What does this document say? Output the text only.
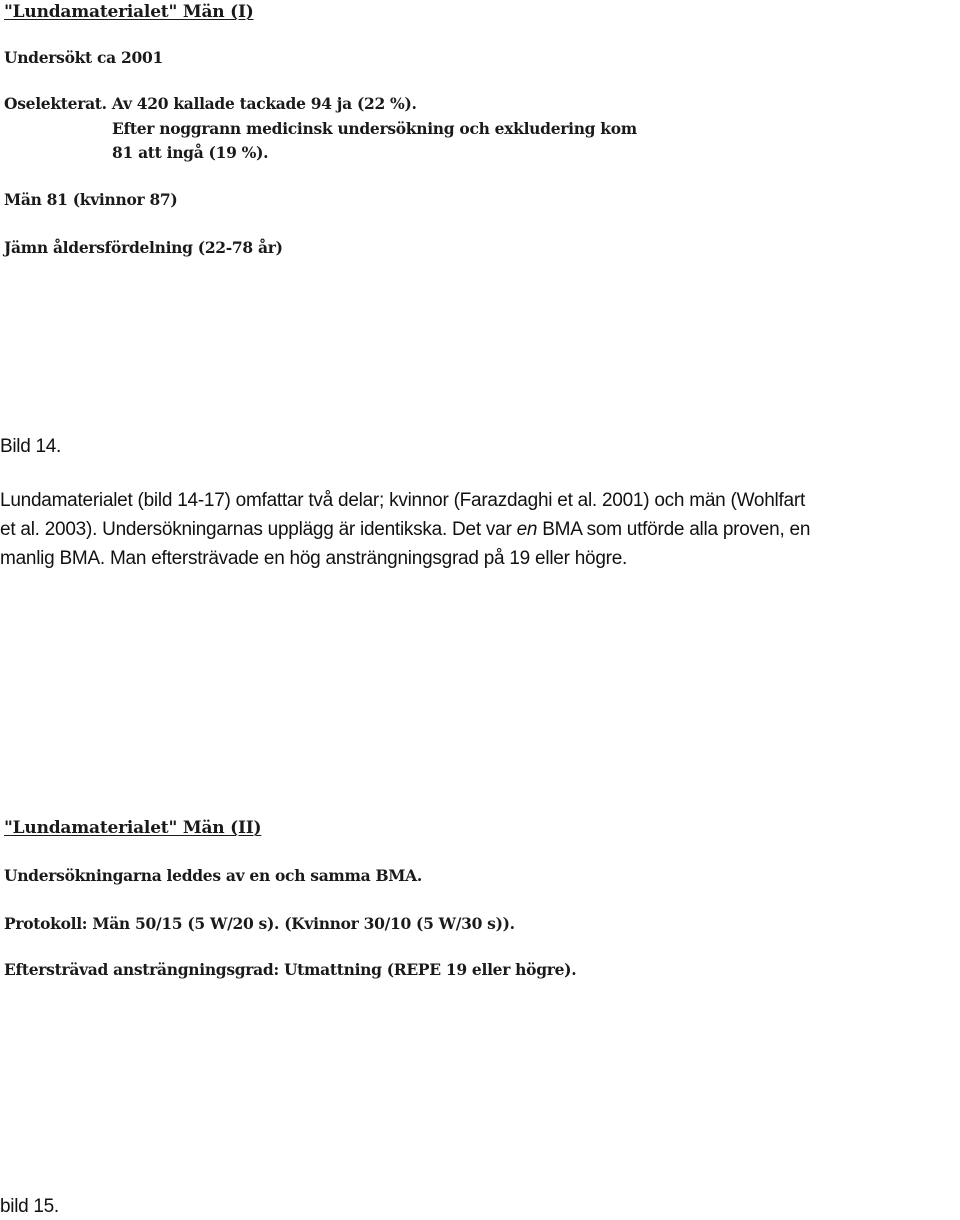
"Lundamaterialet" Män (I)
Undersökt ca 2001
Oselekterat. Av 420 kallade tackade 94 ja (22 %).
Efter noggrann medicinsk undersökning och exkludering kom
81 att ingå (19 %).
Män 81 (kvinnor 87)
Jämn åldersfördelning (22-78 år)
Bild 14.
Lundamaterialet (bild 14-17) omfattar två delar; kvinnor (Farazdaghi et al. 2001) och män (Wohlfart
et al. 2003). Undersökningarnas upplägg är identikska. Det var en BMA som utförde alla proven, en
manlig BMA. Man eftersträvade en hög ansträngningsgrad på 19 eller högre.
"Lundamaterialet" Män (II)
Undersökningarna leddes av en och samma BMA.
Protokoll: Män 50/15 (5 W/20 s). (Kvinnor 30/10 (5 W/30 s)).
Eftersträvad ansträngningsgrad: Utmattning (REPE 19 eller högre).
bild 15.
